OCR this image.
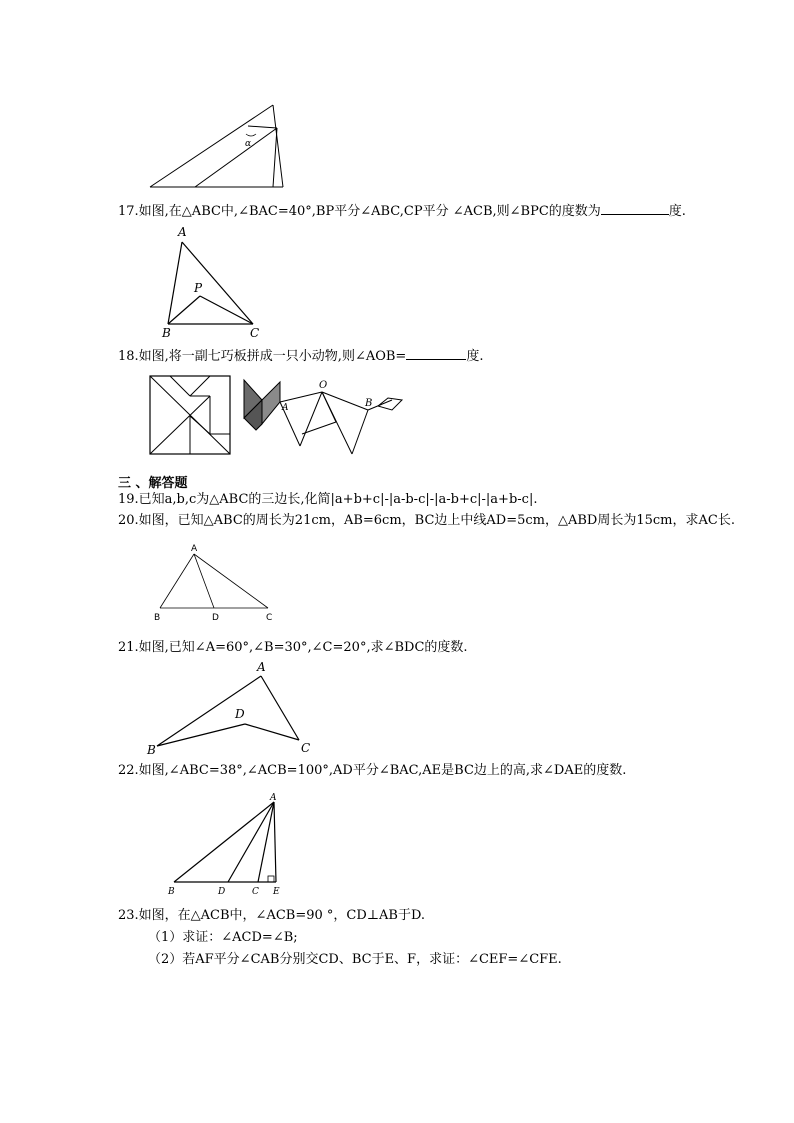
α
17.如图,在△ABC中,∠BAC=40°,BP平分∠ABC,CP平分 ∠ACB,则∠BPC的度数为	度.
A
P
B	C
18.如图,将一副七巧板拼成一只小动物,则∠AOB=	度.
A
O
B
三 、解答题
19.已知a,b,c为△ABC的三边长,化简|a+b+c|-|a-b-c|-|a-b+c|-|a+b-c|.
20.如图，已知△ABC的周长为21cm，AB=6cm，BC边上中线AD=5cm，△ABD周长为15cm，求AC长.
A
B	D	C
21.如图,已知∠A=60°,∠B=30°,∠C=20°,求∠BDC的度数.
A
D
B	C
22.如图,∠ABC=38°,∠ACB=100°,AD平分∠BAC,AE是BC边上的高,求∠DAE的度数.
A
B	D	C E
23.如图，在△ACB中，∠ACB=90 °，CD⊥AB于D.
（1）求证：∠ACD=∠B;
（2）若AF平分∠CAB分别交CD、BC于E、F，求证：∠CEF=∠CFE.
